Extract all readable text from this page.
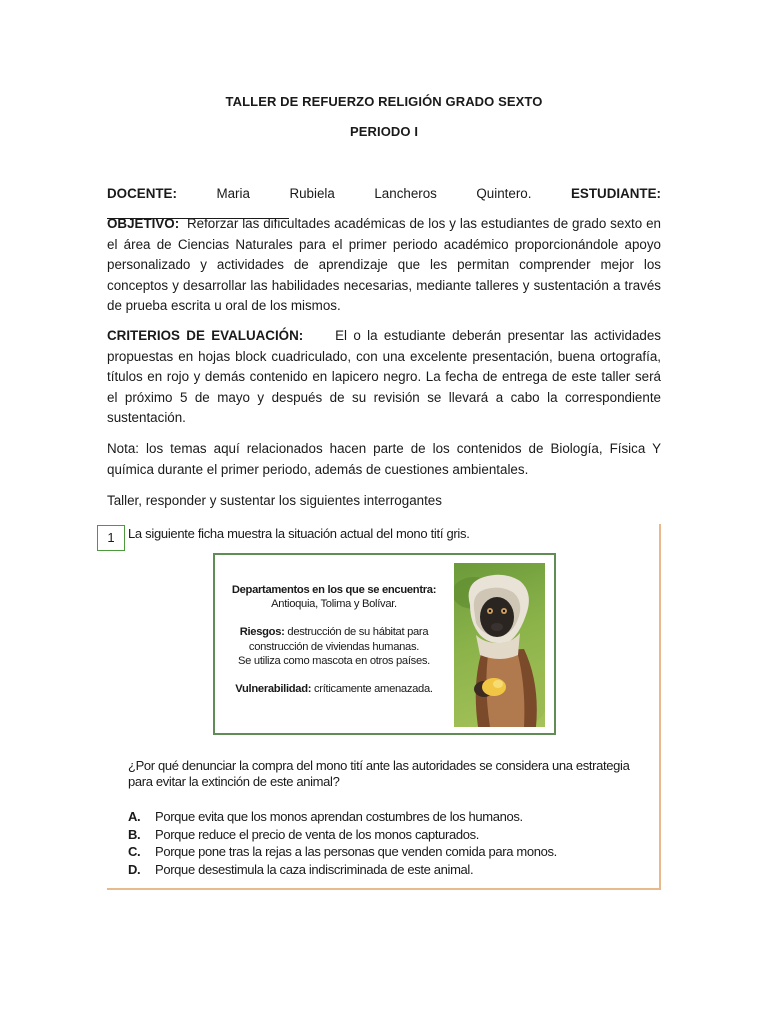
TALLER DE REFUERZO RELIGIÓN GRADO SEXTO
PERIODO I
DOCENTE:	Maria Rubiela Lancheros Quintero.	ESTUDIANTE:
OBJETIVO: Reforzar las dificultades académicas de los y las estudiantes de grado sexto en el área de Ciencias Naturales para el primer periodo académico proporcionándole apoyo personalizado y actividades de aprendizaje que les permitan comprender mejor los conceptos y desarrollar las habilidades necesarias, mediante talleres y sustentación a través de prueba escrita u oral de los mismos.
CRITERIOS DE EVALUACIÓN: El o la estudiante deberán presentar las actividades propuestas en hojas block cuadriculado, con una excelente presentación, buena ortografía, títulos en rojo y demás contenido en lapicero negro. La fecha de entrega de este taller será el próximo 5 de mayo y después de su revisión se llevará a cabo la correspondiente sustentación.
Nota: los temas aquí relacionados hacen parte de los contenidos de Biología, Física Y química durante el primer periodo, además de cuestiones ambientales.
Taller, responder y sustentar los siguientes interrogantes
1	La siguiente ficha muestra la situación actual del mono tití gris.
Departamentos en los que se encuentra:
Antioquia, Tolima y Bolívar.
Riesgos: destrucción de su hábitat para construcción de viviendas humanas.
Se utiliza como mascota en otros países.
Vulnerabilidad: críticamente amenazada.
¿Por qué denunciar la compra del mono tití ante las autoridades se considera una estrategia para evitar la extinción de este animal?
A.	Porque evita que los monos aprendan costumbres de los humanos.
B.	Porque reduce el precio de venta de los monos capturados.
C.	Porque pone tras la rejas a las personas que venden comida para monos.
D.	Porque desestimula la caza indiscriminada de este animal.
